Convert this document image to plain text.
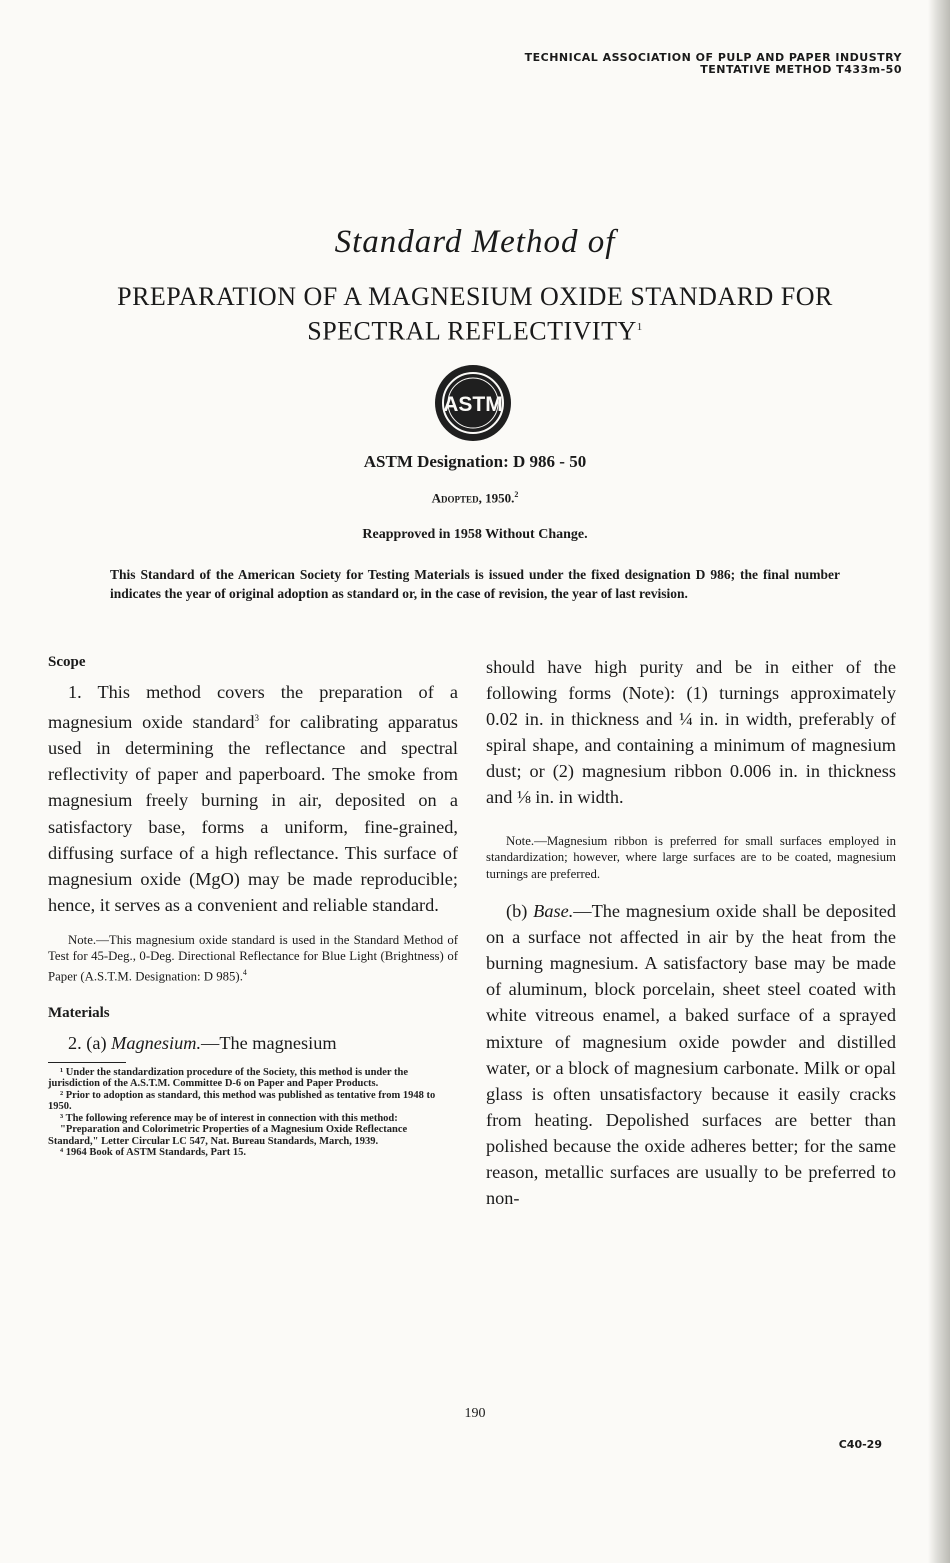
TECHNICAL ASSOCIATION OF PULP AND PAPER INDUSTRY
TENTATIVE METHOD T433m-50
Standard Method of
PREPARATION OF A MAGNESIUM OXIDE STANDARD FOR
SPECTRAL REFLECTIVITY$^1$
ASTM
ASTM Designation: D 986 - 50
Adopted, 1950.$^2$
Reapproved in 1958 Without Change.
This Standard of the American Society for Testing Materials is issued under the fixed designation D 986; the final number indicates the year of original adoption as standard or, in the case of revision, the year of last revision.
Scope

1. This method covers the preparation of a magnesium oxide standard$^3$ for calibrating apparatus used in determining the reflectance and spectral reflectivity of paper and paperboard. The smoke from magnesium freely burning in air, deposited on a satisfactory base, forms a uniform, fine-grained, diffusing surface of a high reflectance. This surface of magnesium oxide (MgO) may be made reproducible; hence, it serves as a convenient and reliable standard.

Note.—This magnesium oxide standard is used in the Standard Method of Test for 45-Deg., 0-Deg. Directional Reflectance for Blue Light (Brightness) of Paper (A.S.T.M. Designation: D 985).$^4$

Materials

2. (a) Magnesium.—The magnesium

¹ Under the standardization procedure of the Society, this method is under the jurisdiction of the A.S.T.M. Committee D-6 on Paper and Paper Products.

² Prior to adoption as standard, this method was published as tentative from 1948 to 1950.

³ The following reference may be of interest in connection with this method:

"Preparation and Colorimetric Properties of a Magnesium Oxide Reflectance Standard," Letter Circular LC 547, Nat. Bureau Standards, March, 1939.

⁴ 1964 Book of ASTM Standards, Part 15.

should have high purity and be in either of the following forms (Note): (1) turnings approximately 0.02 in. in thickness and ¼ in. in width, preferably of spiral shape, and containing a minimum of magnesium dust; or (2) magnesium ribbon 0.006 in. in thickness and ⅛ in. in width.

Note.—Magnesium ribbon is preferred for small surfaces employed in standardization; however, where large surfaces are to be coated, magnesium turnings are preferred.

(b) Base.—The magnesium oxide shall be deposited on a surface not affected in air by the heat from the burning magnesium. A satisfactory base may be made of aluminum, block porcelain, sheet steel coated with white vitreous enamel, a baked surface of a sprayed mixture of magnesium oxide powder and distilled water, or a block of magnesium carbonate. Milk or opal glass is often unsatisfactory because it easily cracks from heating. Depolished surfaces are better than polished because the oxide adheres better; for the same reason, metallic surfaces are usually to be preferred to non-

190
C40-29
